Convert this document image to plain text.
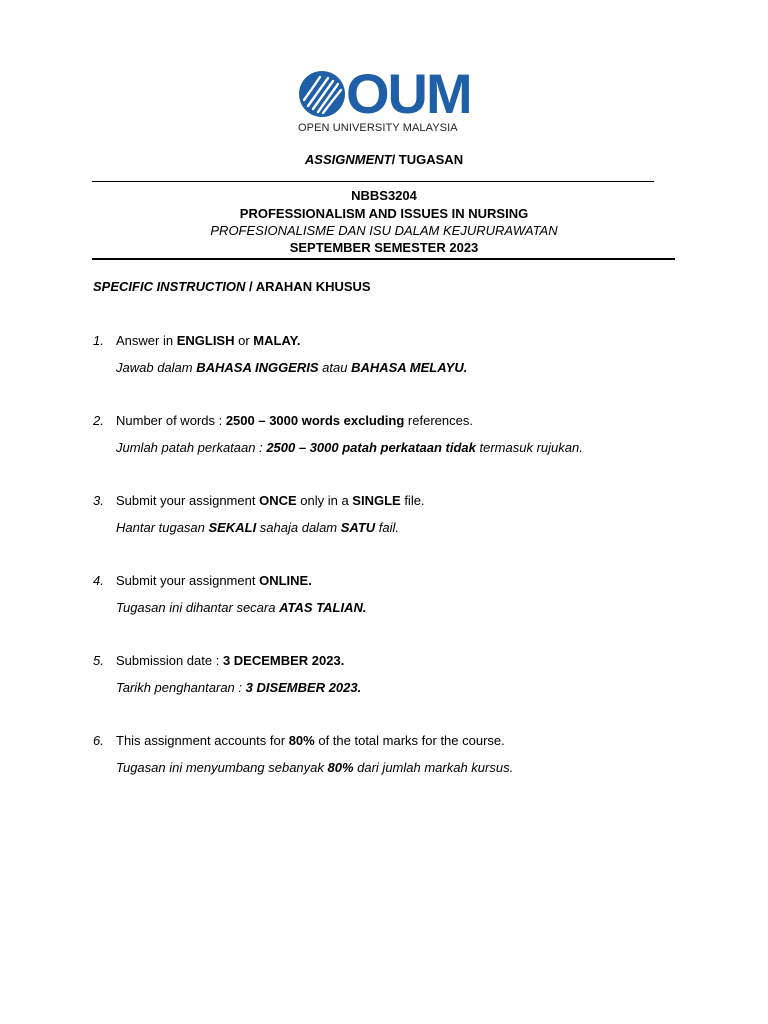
OUM
OPEN UNIVERSITY MALAYSIA
ASSIGNMENT/ TUGASAN
NBBS3204
PROFESSIONALISM AND ISSUES IN NURSING
PROFESIONALISME DAN ISU DALAM KEJURURAWATAN
SEPTEMBER SEMESTER 2023
SPECIFIC INSTRUCTION / ARAHAN KHUSUS
1. Answer in ENGLISH or MALAY.
Jawab dalam BAHASA INGGERIS atau BAHASA MELAYU.
2. Number of words : 2500 – 3000 words excluding references.
Jumlah patah perkataan : 2500 – 3000 patah perkataan tidak termasuk rujukan.
3. Submit your assignment ONCE only in a SINGLE file.
Hantar tugasan SEKALI sahaja dalam SATU fail.
4. Submit your assignment ONLINE.
Tugasan ini dihantar secara ATAS TALIAN.
5. Submission date : 3 DECEMBER 2023.
Tarikh penghantaran : 3 DISEMBER 2023.
6. This assignment accounts for 80% of the total marks for the course.
Tugasan ini menyumbang sebanyak 80% dari jumlah markah kursus.
